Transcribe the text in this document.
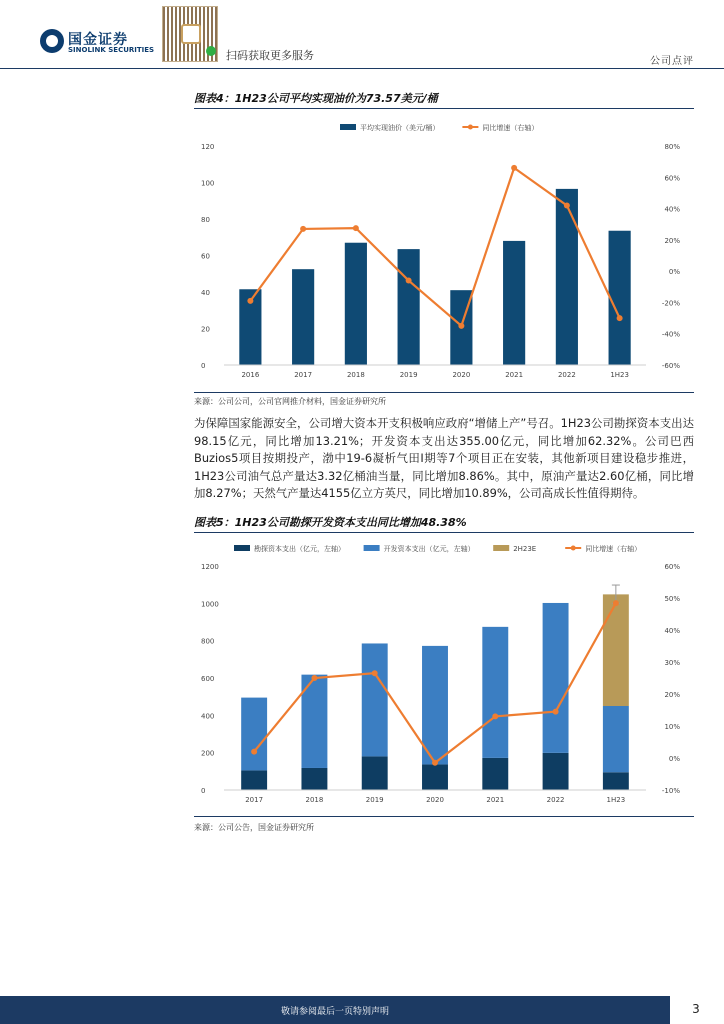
国金证券
SINOLINK SECURITIES	扫码获取更多服务	公司点评
图表4：1H23公司平均实现油价为73.57美元/桶
平均实现油价（美元/桶）	同比增速（右轴）
0
20
40
60
80
100
120
-60%
-40%
-20%
0%
20%
40%
60%
80%
2016	2017	2018	2019	2020	2021	2022	1H23
来源：公司公司，公司官网推介材料，国金证券研究所
为保障国家能源安全，公司增大资本开支积极响应政府“增储上产”号召。1H23公司勘探资本支出达98.15亿元，同比增加13.21%；开发资本支出达355.00亿元，同比增加62.32%。公司巴西Buzios5项目按期投产，渤中19-6凝析气田I期等7个项目正在安装，其他新项目建设稳步推进，1H23公司油气总产量达3.32亿桶油当量，同比增加8.86%。其中，原油产量达2.60亿桶，同比增加8.27%；天然气产量达4155亿立方英尺，同比增加10.89%，公司高成长性值得期待。
图表5：1H23公司勘探开发资本支出同比增加48.38%
勘探资本支出（亿元，左轴）	开发资本支出（亿元，左轴）	2H23E	同比增速（右轴）
0
200
400
600
800
1000
1200
-10%
0%
10%
20%
30%
40%
50%
60%
2017	2018	2019	2020	2021	2022	1H23
来源：公司公告，国金证券研究所
敬请参阅最后一页特别声明	3
